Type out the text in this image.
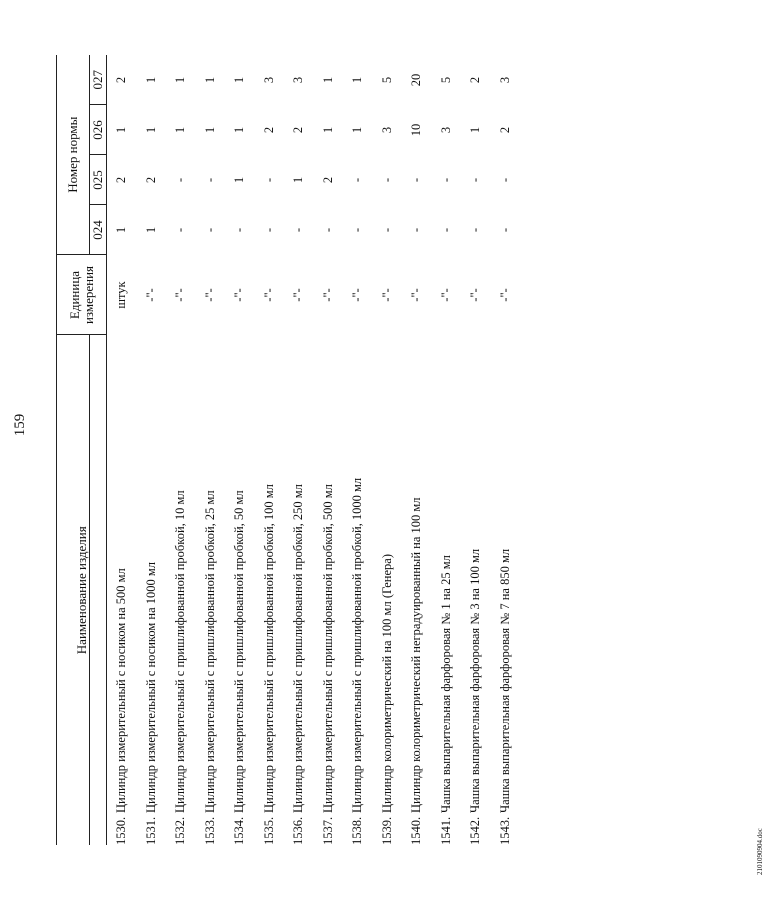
159
Наименование изделия		Единица измерения	Номер нормы			
			024	025	026	027
1530.	Цилиндр измерительный с носиком на 500 мл	штук	1	2	1	2
1531.	Цилиндр измерительный с носиком на 1000 мл	-"-	1	2	1	1
1532.	Цилиндр измерительный с пришлифованной пробкой, 10 мл	-"-	-	-	1	1
1533.	Цилиндр измерительный с пришлифованной пробкой, 25 мл	-"-	-	-	1	1
1534.	Цилиндр измерительный с пришлифованной пробкой, 50 мл	-"-	-	1	1	1
1535.	Цилиндр измерительный с пришлифованной пробкой, 100 мл	-"-	-	-	2	3
1536.	Цилиндр измерительный с пришлифованной пробкой, 250 мл	-"-	-	1	2	3
1537.	Цилиндр измерительный с пришлифованной пробкой, 500 мл	-"-	-	2	1	1
1538.	Цилиндр измерительный с пришлифованной пробкой, 1000 мл	-"-	-	-	1	1
1539.	Цилиндр колориметрический на 100 мл (Генера)	-"-	-	-	3	5
1540.	Цилиндр колориметрический неградуированный на 100 мл	-"-	-	-	10	20
1541.	Чашка выпарительная фарфоровая № 1 на 25 мл	-"-	-	-	3	5
1542.	Чашка выпарительная фарфоровая № 3 на 100 мл	-"-	-	-	1	2
1543.	Чашка выпарительная фарфоровая № 7 на 850 мл	-"-	-	-	2	3
2101090904.doc
